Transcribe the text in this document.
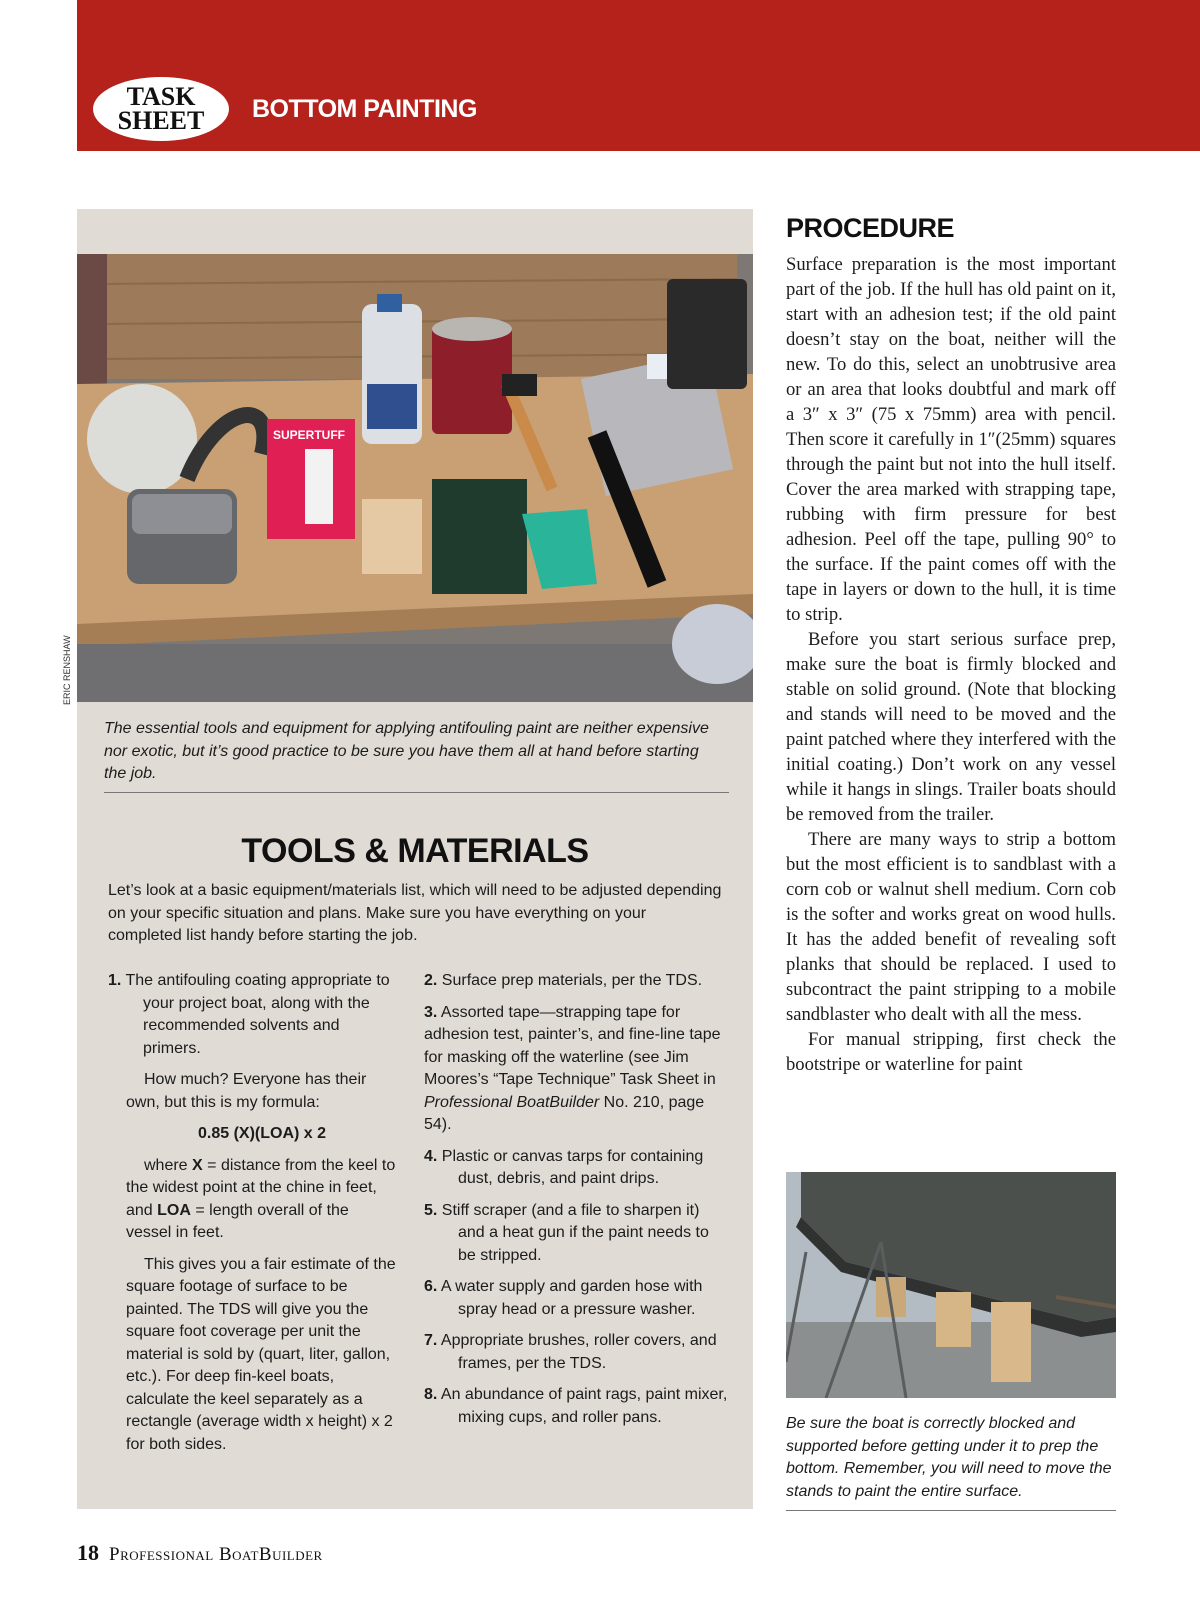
TASK
SHEET BOTTOM PAINTING
SUPERTUFF
ERIC RENSHAW
The essential tools and equipment for applying antifouling paint are neither expensive nor exotic, but it’s good practice to be sure you have them all at hand before starting the job.
TOOLS & MATERIALS
Let’s look at a basic equipment/materials list, which will need to be adjusted depending on your specific situation and plans. Make sure you have everything on your completed list handy before starting the job.

1. The antifouling coating appropriate to your project boat, along with the recommended solvents and primers.

How much? Everyone has their own, but this is my formula:

0.85 (X)(LOA) x 2

where X = distance from the keel to the widest point at the chine in feet, and LOA = length overall of the vessel in feet.

This gives you a fair estimate of the square footage of surface to be painted. The TDS will give you the square foot coverage per unit the material is sold by (quart, liter, gallon, etc.). For deep fin-keel boats, calculate the keel separately as a rectangle (average width x height) x 2 for both sides.

2. Surface prep materials, per the TDS.

3. Assorted tape—strapping tape for adhesion test, painter’s, and fine-line tape for masking off the waterline (see Jim Moores’s “Tape Technique” Task Sheet in Professional BoatBuilder No. 210, page 54).

4. Plastic or canvas tarps for containing dust, debris, and paint drips.

5. Stiff scraper (and a file to sharpen it) and a heat gun if the paint needs to be stripped.

6. A water supply and garden hose with spray head or a pressure washer.

7. Appropriate brushes, roller covers, and frames, per the TDS.

8. An abundance of paint rags, paint mixer, mixing cups, and roller pans.

PROCEDURE

Surface preparation is the most important part of the job. If the hull has old paint on it, start with an adhesion test; if the old paint doesn’t stay on the boat, neither will the new. To do this, select an unobtrusive area or an area that looks doubtful and mark off a 3″ x 3″ (75 x 75mm) area with pencil. Then score it carefully in 1″(25mm) squares through the paint but not into the hull itself. Cover the area marked with strapping tape, rubbing with firm pressure for best adhesion. Peel off the tape, pulling 90° to the surface. If the paint comes off with the tape in layers or down to the hull, it is time to strip.

Before you start serious surface prep, make sure the boat is firmly blocked and stable on solid ground. (Note that blocking and stands will need to be moved and the paint patched where they interfered with the initial coating.) Don’t work on any vessel while it hangs in slings. Trailer boats should be removed from the trailer.

There are many ways to strip a bottom but the most efficient is to sandblast with a corn cob or walnut shell medium. Corn cob is the softer and works great on wood hulls. It has the added benefit of revealing soft planks that should be replaced. I used to subcontract the paint stripping to a mobile sandblaster who dealt with all the mess.

For manual stripping, first check the bootstripe or waterline for paint

Be sure the boat is correctly blocked and supported before getting under it to prep the bottom. Remember, you will need to move the stands to paint the entire surface.
18 Professional BoatBuilder
